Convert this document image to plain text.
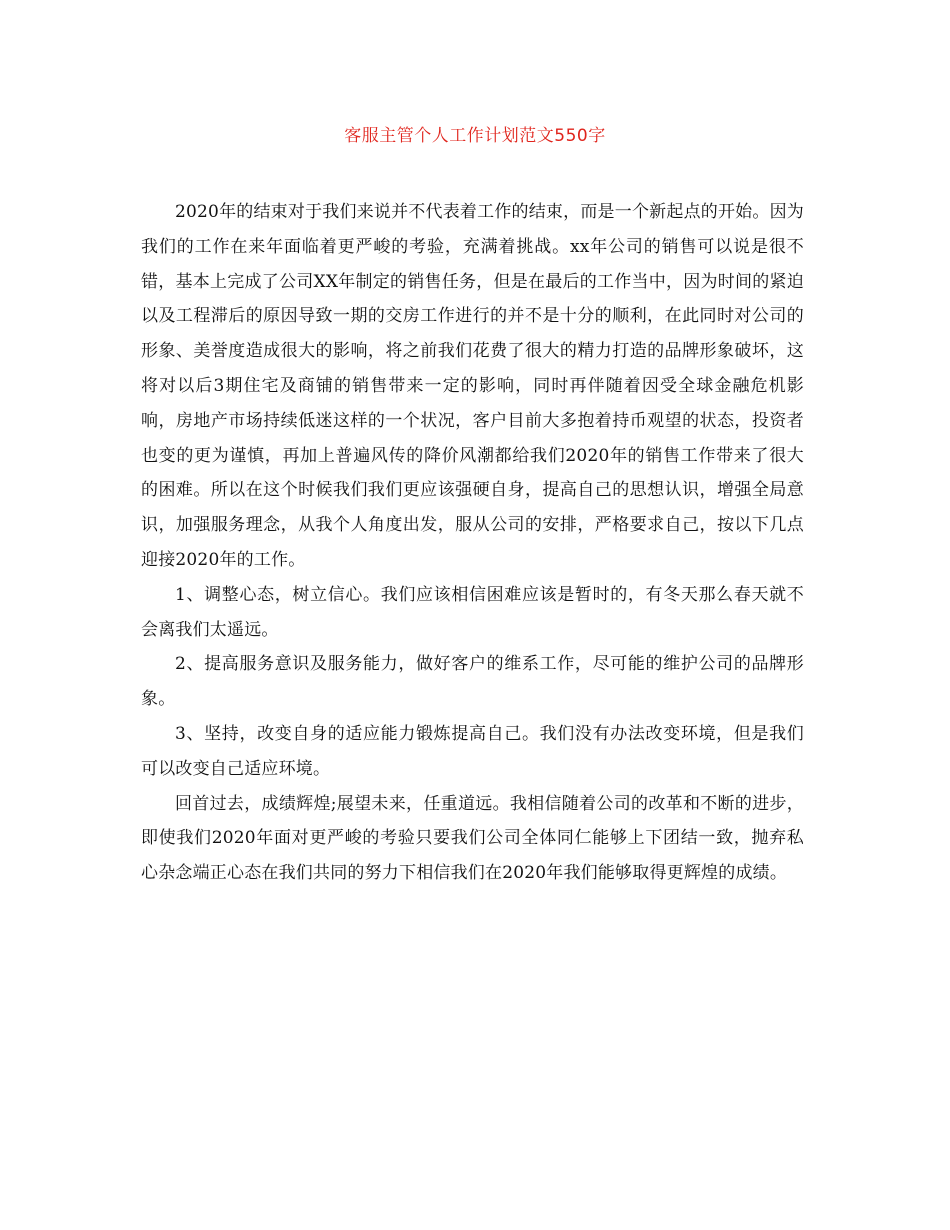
客服主管个人工作计划范文550字

2020年的结束对于我们来说并不代表着工作的结束，而是一个新起点的开始。因为我们的工作在来年面临着更严峻的考验，充满着挑战。xx年公司的销售可以说是很不错，基本上完成了公司XX年制定的销售任务，但是在最后的工作当中，因为时间的紧迫以及工程滞后的原因导致一期的交房工作进行的并不是十分的顺利，在此同时对公司的形象、美誉度造成很大的影响，将之前我们花费了很大的精力打造的品牌形象破坏，这将对以后3期住宅及商铺的销售带来一定的影响，同时再伴随着因受全球金融危机影响，房地产市场持续低迷这样的一个状况，客户目前大多抱着持币观望的状态，投资者也变的更为谨慎，再加上普遍风传的降价风潮都给我们2020年的销售工作带来了很大的困难。所以在这个时候我们我们更应该强硬自身，提高自己的思想认识，增强全局意识，加强服务理念，从我个人角度出发，服从公司的安排，严格要求自己，按以下几点迎接2020年的工作。

1、调整心态，树立信心。我们应该相信困难应该是暂时的，有冬天那么春天就不会离我们太遥远。

2、提高服务意识及服务能力，做好客户的维系工作，尽可能的维护公司的品牌形象。

3、坚持，改变自身的适应能力锻炼提高自己。我们没有办法改变环境，但是我们可以改变自己适应环境。

回首过去，成绩辉煌;展望未来，任重道远。我相信随着公司的改革和不断的进步，即使我们2020年面对更严峻的考验只要我们公司全体同仁能够上下团结一致，抛弃私心杂念端正心态在我们共同的努力下相信我们在2020年我们能够取得更辉煌的成绩。
